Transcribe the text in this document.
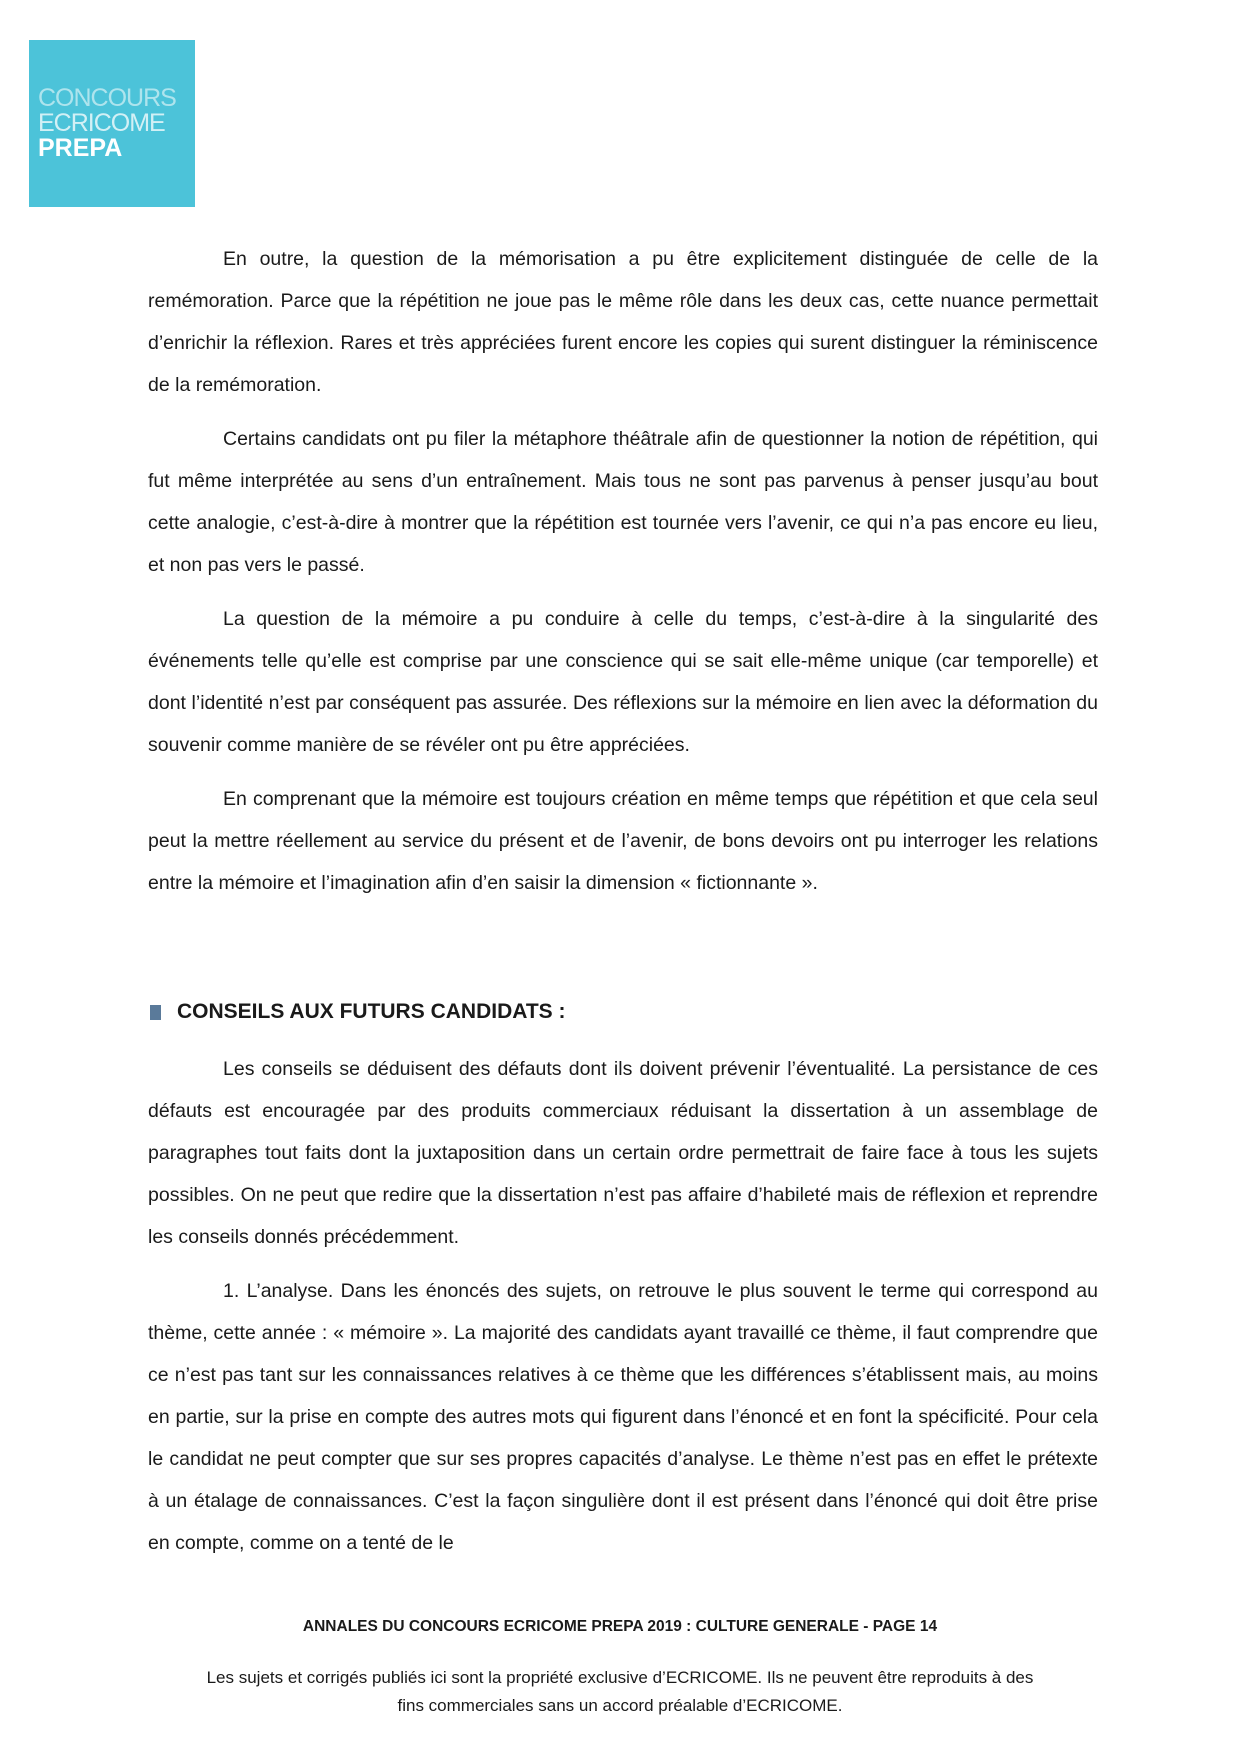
CONCOURS
ECRICOME
PREPA

En outre, la question de la mémorisation a pu être explicitement distinguée de celle de la remémoration. Parce que la répétition ne joue pas le même rôle dans les deux cas, cette nuance permettait d’enrichir la réflexion. Rares et très appréciées furent encore les copies qui surent distinguer la réminiscence de la remémoration.

Certains candidats ont pu filer la métaphore théâtrale afin de questionner la notion de répétition, qui fut même interprétée au sens d’un entraînement. Mais tous ne sont pas parvenus à penser jusqu’au bout cette analogie, c’est-à-dire à montrer que la répétition est tournée vers l’avenir, ce qui n’a pas encore eu lieu, et non pas vers le passé.

La question de la mémoire a pu conduire à celle du temps, c’est-à-dire à la singularité des événements telle qu’elle est comprise par une conscience qui se sait elle-même unique (car temporelle) et dont l’identité n’est par conséquent pas assurée. Des réflexions sur la mémoire en lien avec la déformation du souvenir comme manière de se révéler ont pu être appréciées.

En comprenant que la mémoire est toujours création en même temps que répétition et que cela seul peut la mettre réellement au service du présent et de l’avenir, de bons devoirs ont pu interroger les relations entre la mémoire et l’imagination afin d’en saisir la dimension « fictionnante ».

CONSEILS AUX FUTURS CANDIDATS :

Les conseils se déduisent des défauts dont ils doivent prévenir l’éventualité. La persistance de ces défauts est encouragée par des produits commerciaux réduisant la dissertation à un assemblage de paragraphes tout faits dont la juxtaposition dans un certain ordre permettrait de faire face à tous les sujets possibles. On ne peut que redire que la dissertation n’est pas affaire d’habileté mais de réflexion et reprendre les conseils donnés précédemment.

1. L’analyse. Dans les énoncés des sujets, on retrouve le plus souvent le terme qui correspond au thème, cette année : « mémoire ». La majorité des candidats ayant travaillé ce thème, il faut comprendre que ce n’est pas tant sur les connaissances relatives à ce thème que les différences s’établissent mais, au moins en partie, sur la prise en compte des autres mots qui figurent dans l’énoncé et en font la spécificité. Pour cela le candidat ne peut compter que sur ses propres capacités d’analyse. Le thème n’est pas en effet le prétexte à un étalage de connaissances. C’est la façon singulière dont il est présent dans l’énoncé qui doit être prise en compte, comme on a tenté de le

ANNALES DU CONCOURS ECRICOME PREPA 2019 : CULTURE GENERALE - PAGE 14
Les sujets et corrigés publiés ici sont la propriété exclusive d’ECRICOME. Ils ne peuvent être reproduits à des
fins commerciales sans un accord préalable d’ECRICOME.
